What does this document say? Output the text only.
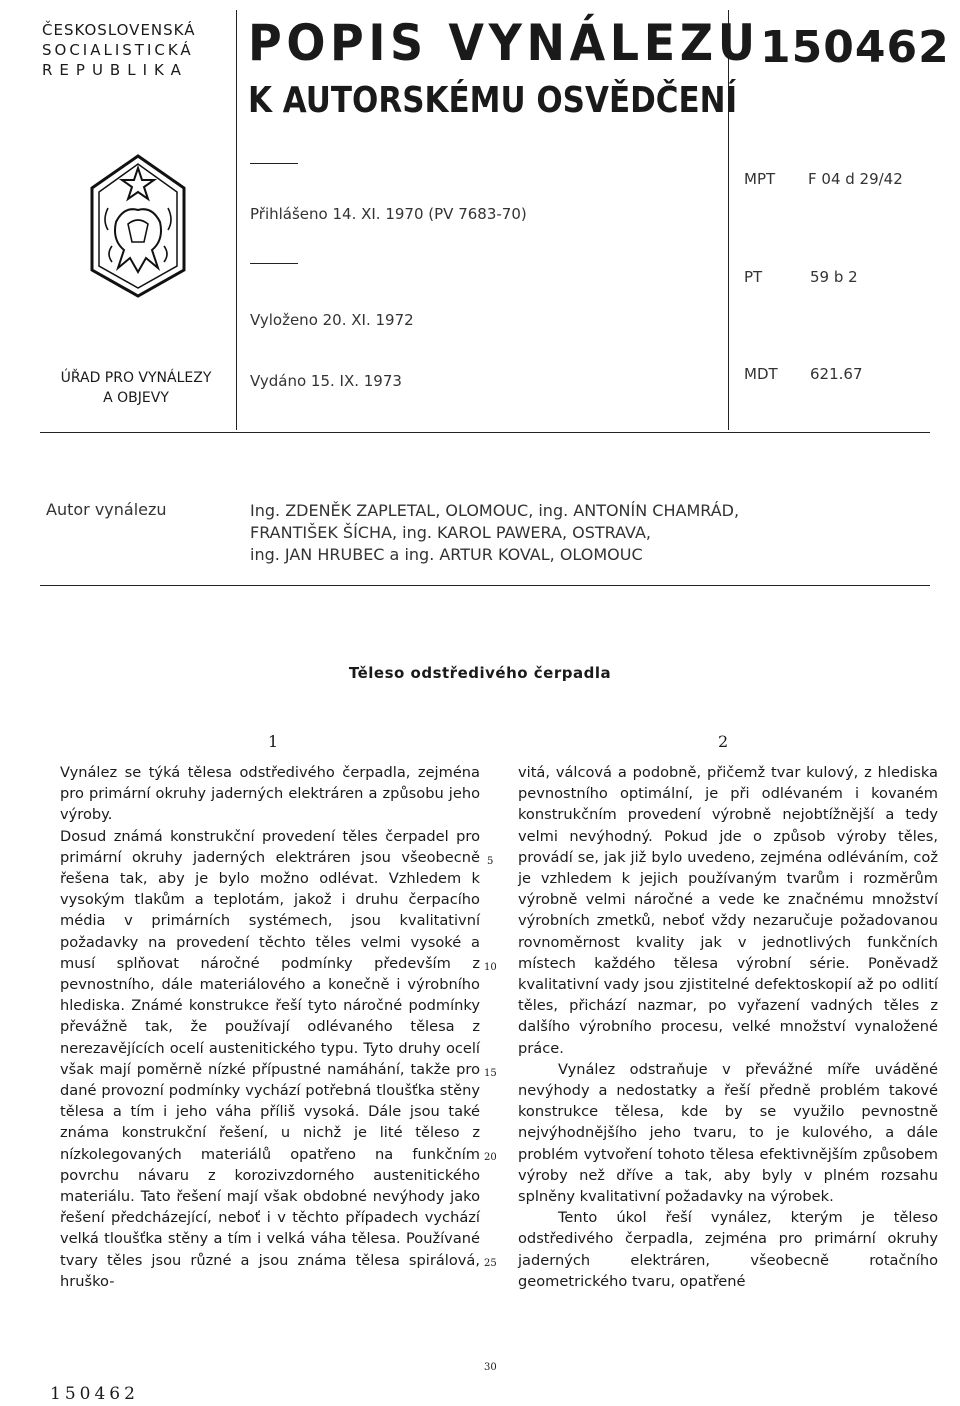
ČESKOSLOVENSKÁ
SOCIALISTICKÁ
REPUBLIKA
ÚŘAD PRO VYNÁLEZY
A OBJEVY
POPIS VYNÁLEZU
K AUTORSKÉMU OSVĚDČENÍ
150462
Přihlášeno 14. XI. 1970 (PV 7683-70)
Vyloženo 20. XI. 1972
Vydáno 15. IX. 1973
MPT F 04 d 29/42
PT	59 b 2
MDT 621.67
Autor vynálezu	Ing. ZDENĚK ZAPLETAL, OLOMOUC, ing. ANTONÍN CHAMRÁD,
FRANTIŠEK ŠÍCHA, ing. KAROL PAWERA, OSTRAVA,
ing. JAN HRUBEC a ing. ARTUR KOVAL, OLOMOUC
Těleso odstředivého čerpadla
1	2

Vynález se týká tělesa odstředivého čerpadla, zejména pro primární okruhy jaderných elektráren a způsobu jeho výroby.

Dosud známá konstrukční provedení těles čerpadel pro primární okruhy jaderných elektráren jsou všeobecně řešena tak, aby je bylo možno odlévat. Vzhledem k vysokým tlakům a teplotám, jakož i druhu čerpacího média v primárních systémech, jsou kvalitativní požadavky na provedení těchto těles velmi vysoké a musí splňovat náročné podmínky především z pevnostního, dále materiálového a konečně i výrobního hlediska. Známé konstrukce řeší tyto náročné podmínky převážně tak, že používají odlévaného tělesa z nerezavějících ocelí austenitického typu. Tyto druhy ocelí však mají poměrně nízké přípustné namáhání, takže pro dané provozní podmínky vychází potřebná tloušťka stěny tělesa a tím i jeho váha příliš vysoká. Dále jsou také známa konstrukční řešení, u nichž je lité těleso z nízkolegovaných materiálů opatřeno na funkčním povrchu návaru z korozivzdorného austenitického materiálu. Tato řešení mají však obdobné nevýhody jako řešení předcházející, neboť i v těchto případech vychází velká tloušťka stěny a tím i velká váha tělesa. Používané tvary těles jsou různé a jsou známa tělesa spirálová, hruško-

5
10
15
20
25
30

vitá, válcová a podobně, přičemž tvar kulový, z hlediska pevnostního optimální, je při odlévaném i kovaném konstrukčním provedení výrobně nejobtížnější a tedy velmi nevýhodný. Pokud jde o způsob výroby těles, provádí se, jak již bylo uvedeno, zejména odléváním, což je vzhledem k jejich používaným tvarům i rozměrům výrobně velmi náročné a vede ke značnému množství výrobních zmetků, neboť vždy nezaručuje požadovanou rovnoměrnost kvality jak v jednotlivých funkčních místech každého tělesa výrobní série. Poněvadž kvalitativní vady jsou zjistitelné defektoskopií až po odlití těles, přichází nazmar, po vyřazení vadných těles z dalšího výrobního procesu, velké množství vynaložené práce.

Vynález odstraňuje v převážné míře uváděné nevýhody a nedostatky a řeší předně problém takové konstrukce tělesa, kde by se využilo pevnostně nejvýhodnějšího jeho tvaru, to je kulového, a dále problém vytvoření tohoto tělesa efektivnějším způsobem výroby než dříve a tak, aby byly v plném rozsahu splněny kvalitativní požadavky na výrobek.

Tento úkol řeší vynález, kterým je těleso odstředivého čerpadla, zejména pro primární okruhy jaderných elektráren, všeobecně rotačního geometrického tvaru, opatřené

150462
